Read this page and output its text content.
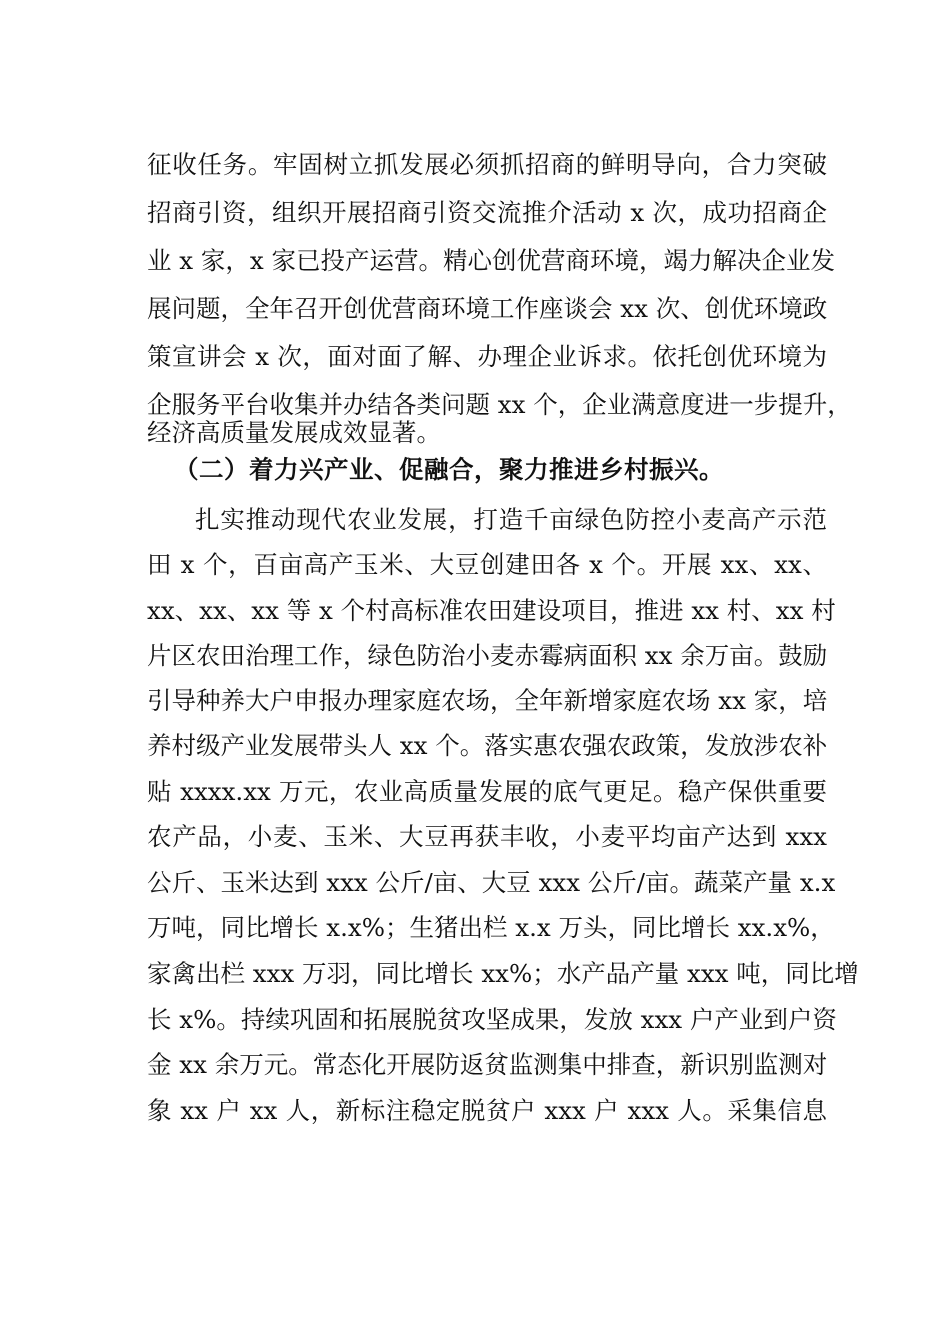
征收任务。牢固树立抓发展必须抓招商的鲜明导向，合力突破
招商引资，组织开展招商引资交流推介活动 x 次，成功招商企
业 x 家，x 家已投产运营。精心创优营商环境，竭力解决企业发
展问题，全年召开创优营商环境工作座谈会 xx 次、创优环境政
策宣讲会 x 次，面对面了解、办理企业诉求。依托创优环境为
企服务平台收集并办结各类问题 xx 个，企业满意度进一步提升，
经济高质量发展成效显著。
（二）着力兴产业、促融合，聚力推进乡村振兴。
扎实推动现代农业发展，打造千亩绿色防控小麦高产示范
田 x 个，百亩高产玉米、大豆创建田各 x 个。开展 xx、xx、
xx、xx、xx 等 x 个村高标准农田建设项目，推进 xx 村、xx 村
片区农田治理工作，绿色防治小麦赤霉病面积 xx 余万亩。鼓励
引导种养大户申报办理家庭农场，全年新增家庭农场 xx 家，培
养村级产业发展带头人 xx 个。落实惠农强农政策，发放涉农补
贴 xxxx.xx 万元，农业高质量发展的底气更足。稳产保供重要
农产品，小麦、玉米、大豆再获丰收，小麦平均亩产达到 xxx
公斤、玉米达到 xxx 公斤/亩、大豆 xxx 公斤/亩。蔬菜产量 x.x
万吨，同比增长 x.x%；生猪出栏 x.x 万头，同比增长 xx.x%，
家禽出栏 xxx 万羽，同比增长 xx%；水产品产量 xxx 吨，同比增
长 x%。持续巩固和拓展脱贫攻坚成果，发放 xxx 户产业到户资
金 xx 余万元。常态化开展防返贫监测集中排查，新识别监测对
象 xx 户 xx 人，新标注稳定脱贫户 xxx 户 xxx 人。采集信息
